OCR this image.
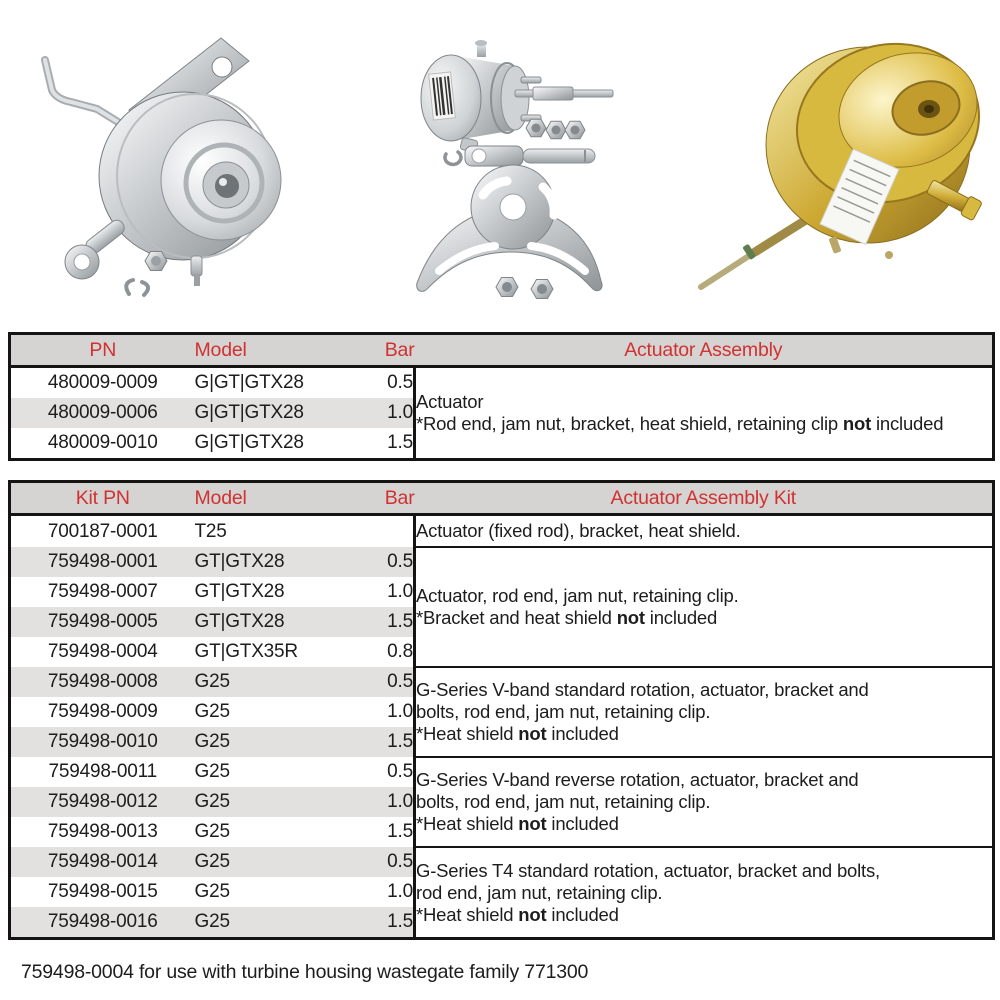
PN	Model	Bar	Actuator Assembly
480009-0009	G|GT|GTX28	0.5	Actuator
*Rod end, jam nut, bracket, heat shield, retaining clip not included

480009-0006	G|GT|GTX28	1.0	
480009-0010	G|GT|GTX28	1.5	
Kit PN	Model	Bar	Actuator Assembly Kit
700187-0001	T25		Actuator (fixed rod), bracket, heat shield.

759498-0001	GT|GTX28	0.5	Actuator, rod end, jam nut, retaining clip.
*Bracket and heat shield not included

759498-0007	GT|GTX28	1.0	
759498-0005	GT|GTX28	1.5	
759498-0004	GT|GTX35R	0.8	
759498-0008	G25	0.5	G-Series V-band standard rotation, actuator, bracket and
bolts, rod end, jam nut, retaining clip.
*Heat shield not included

759498-0009	G25	1.0	
759498-0010	G25	1.5	
759498-0011	G25	0.5	G-Series V-band reverse rotation, actuator, bracket and
bolts, rod end, jam nut, retaining clip.
*Heat shield not included

759498-0012	G25	1.0	
759498-0013	G25	1.5	
759498-0014	G25	0.5	G-Series T4 standard rotation, actuator, bracket and bolts,
rod end, jam nut, retaining clip.
*Heat shield not included

759498-0015	G25	1.0	
759498-0016	G25	1.5	
759498-0004 for use with turbine housing wastegate family 771300
